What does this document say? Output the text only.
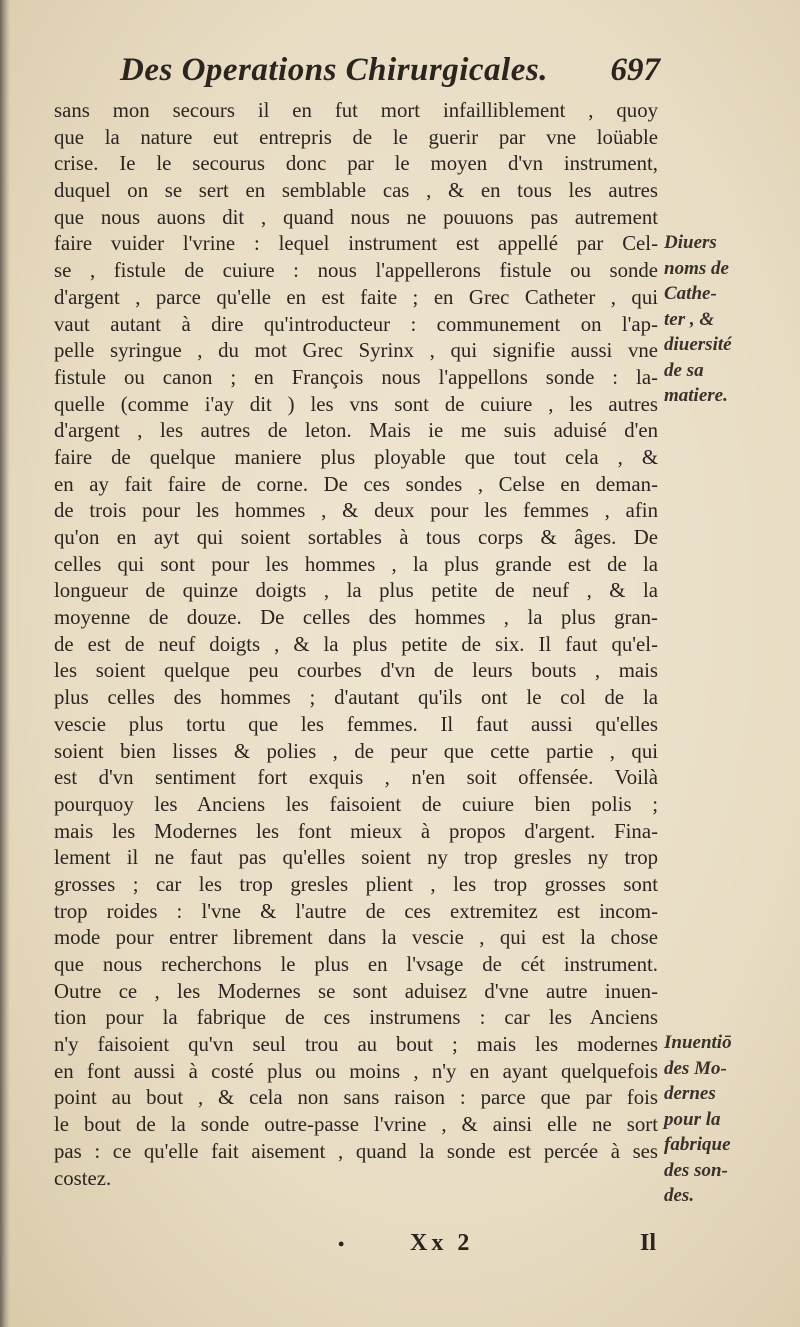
Des Operations Chirurgicales. 697
sans mon secours il en fut mort infailliblement , quoy
que la nature eut entrepris de le guerir par vne loüable
crise. Ie le secourus donc par le moyen d'vn instrument,
duquel on se sert en semblable cas , & en tous les autres
que nous auons dit , quand nous ne pouuons pas autrement
faire vuider l'vrine : lequel instrument est appellé par Cel-
se , fistule de cuiure : nous l'appellerons fistule ou sonde
d'argent , parce qu'elle en est faite ; en Grec Catheter , qui
vaut autant à dire qu'introducteur : communement on l'ap-
pelle syringue , du mot Grec Syrinx , qui signifie aussi vne
fistule ou canon ; en François nous l'appellons sonde : la-
quelle (comme i'ay dit ) les vns sont de cuiure , les autres
d'argent , les autres de leton. Mais ie me suis aduisé d'en
faire de quelque maniere plus ployable que tout cela , &
en ay fait faire de corne. De ces sondes , Celse en deman-
de trois pour les hommes , & deux pour les femmes , afin
qu'on en ayt qui soient sortables à tous corps & âges. De
celles qui sont pour les hommes , la plus grande est de la
longueur de quinze doigts , la plus petite de neuf , & la
moyenne de douze. De celles des hommes , la plus gran-
de est de neuf doigts , & la plus petite de six. Il faut qu'el-
les soient quelque peu courbes d'vn de leurs bouts , mais
plus celles des hommes ; d'autant qu'ils ont le col de la
vescie plus tortu que les femmes. Il faut aussi qu'elles
soient bien lisses & polies , de peur que cette partie , qui
est d'vn sentiment fort exquis , n'en soit offensée. Voilà
pourquoy les Anciens les faisoient de cuiure bien polis ;
mais les Modernes les font mieux à propos d'argent. Fina-
lement il ne faut pas qu'elles soient ny trop gresles ny trop
grosses ; car les trop gresles plient , les trop grosses sont
trop roides : l'vne & l'autre de ces extremitez est incom-
mode pour entrer librement dans la vescie , qui est la chose
que nous recherchons le plus en l'vsage de cét instrument.
Outre ce , les Modernes se sont aduisez d'vne autre inuen-
tion pour la fabrique de ces instrumens : car les Anciens
n'y faisoient qu'vn seul trou au bout ; mais les modernes
en font aussi à costé plus ou moins , n'y en ayant quelquefois
point au bout , & cela non sans raison : parce que par fois
le bout de la sonde outre-passe l'vrine , & ainsi elle ne sort
pas : ce qu'elle fait aisement , quand la sonde est percée à ses
costez.
Diuers
noms de
Cathe-
ter , &
diuersité
de sa
matiere.
Inuentiō
des Mo-
dernes
pour la
fabrique
des son-
des.
•	Xx 2	Il
